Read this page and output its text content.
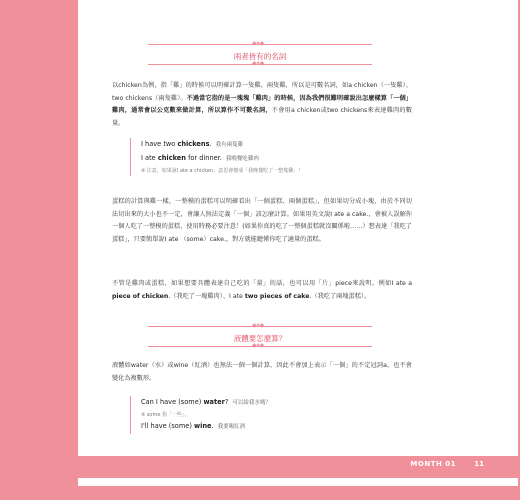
◆✦◆
兩者皆有的名詞
◆✦◆
以chicken為例，指「雞」的時候可以明確計算一隻雞、兩隻雞，所以是可數名詞，如a chicken（一隻雞）、two chickens（兩隻雞）。不過當它指的是一塊塊「雞肉」的時候，因為我們很難明確說出怎麼樣算「一個」雞肉，通常會以公克數來做計算，所以算作不可數名詞，不會用a chicken或two chickens來表達雞肉的數量。
I have two chickens. 我有兩隻雞
I ate chicken for dinner. 我晚餐吃雞肉
※ 注意，如果說I ate a chicken，意思會變成「我晚餐吃了一整隻雞」！
蛋糕的計算與雞一樣，一整模的蛋糕可以明確看出「一個蛋糕、兩個蛋糕」，但如果切分成小塊，由於不同切法切出來的大小也不一定，會讓人無法定義「一個」該怎麼計算。如果用英文說I ate a cake.，會被人誤解你一個人吃了一整模的蛋糕，使用時務必要注意！(如果你真的吃了一整個蛋糕就沒關係啦……）想表達「我吃了蛋糕」，只要簡單說I ate （some）cake.，對方就能聽懂你吃了適量的蛋糕。
不管是雞肉或蛋糕，如果想要具體表達自己吃的「量」的話，也可以用「片」piece來說明。例如I ate a piece of chicken.（我吃了一塊雞肉）、I ate two pieces of cake.（我吃了兩塊蛋糕）。
◆✦◆
液體要怎麼算？
◆✦◆
液體如water（水）或wine（紅酒）也無法一個一個計算，因此不會加上表示「一個」的不定冠詞a，也不會變化為複數形。
Can I have (some) water? 可以給我水嗎？
※ some 指「一些」。
I'll have (some) wine. 我要喝紅酒
MONTH 01	11
